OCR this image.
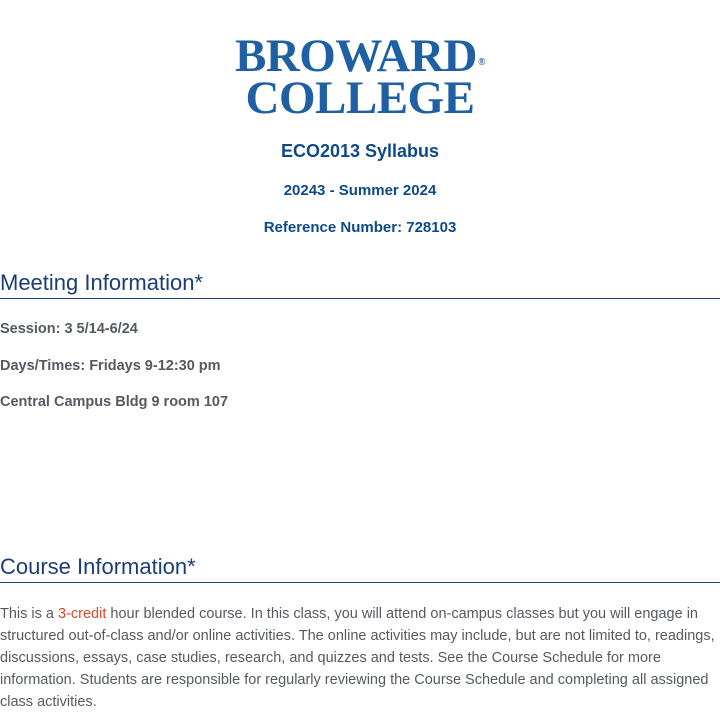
BROWARD®
COLLEGE
ECO2013 Syllabus
20243 - Summer 2024
Reference Number: 728103
Meeting Information*
Session: 3 5/14-6/24
Days/Times: Fridays 9-12:30 pm
Central Campus Bldg 9 room 107
Course Information*
This is a 3-credit hour blended course. In this class, you will attend on-campus classes but you will engage in structured out-of-class and/or online activities. The online activities may include, but are not limited to, readings, discussions, essays, case studies, research, and quizzes and tests. See the Course Schedule for more information. Students are responsible for regularly reviewing the Course Schedule and completing all assigned class activities.
